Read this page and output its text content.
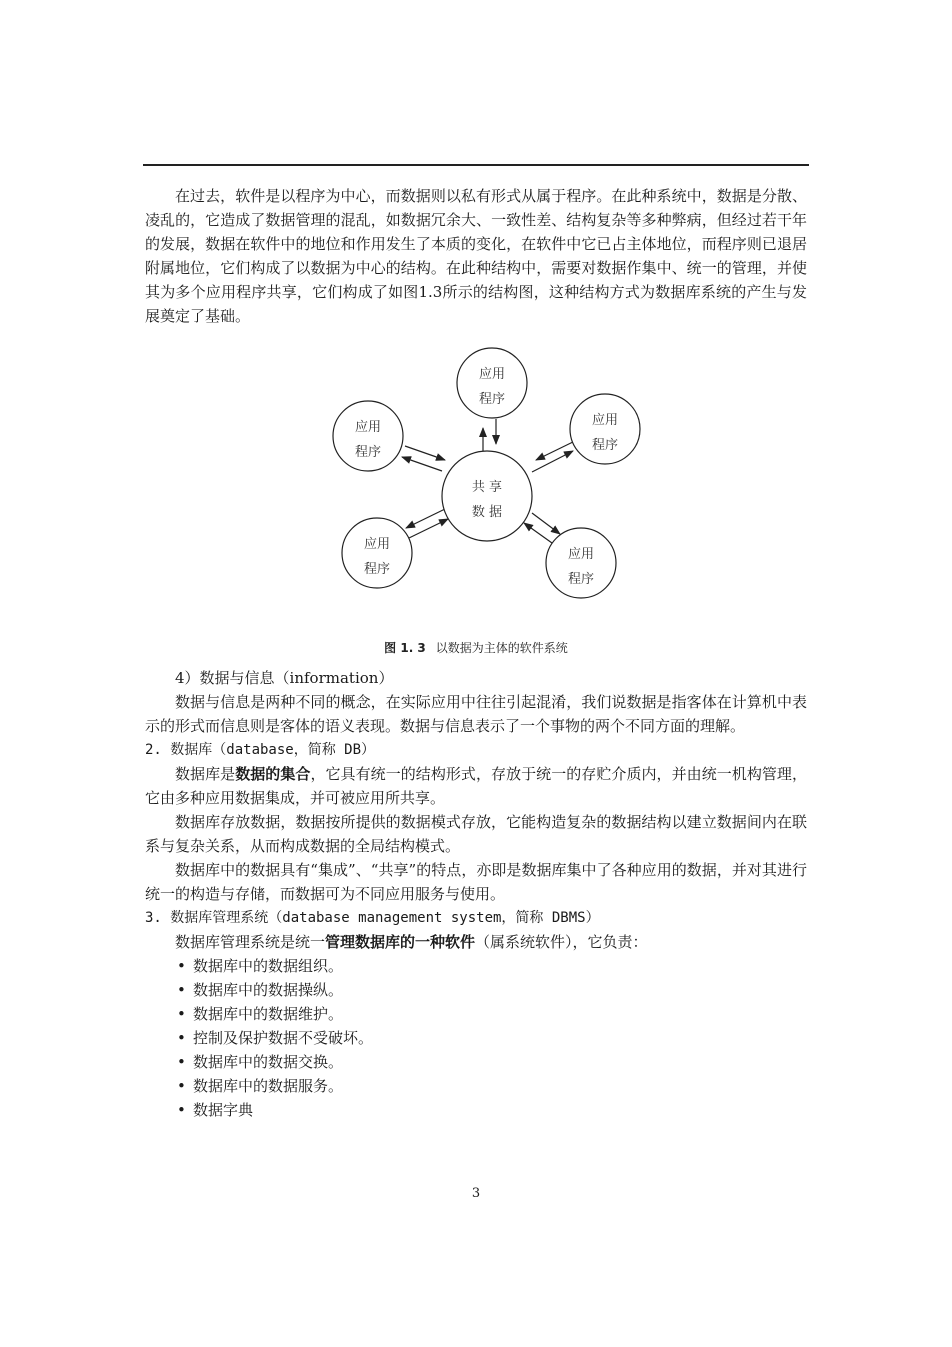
在过去，软件是以程序为中心，而数据则以私有形式从属于程序。在此种系统中，数据是分散、凌乱的，它造成了数据管理的混乱，如数据冗余大、一致性差、结构复杂等多种弊病，但经过若干年的发展，数据在软件中的地位和作用发生了本质的变化，在软件中它已占主体地位，而程序则已退居附属地位，它们构成了以数据为中心的结构。在此种结构中，需要对数据作集中、统一的管理，并使其为多个应用程序共享，它们构成了如图1.3所示的结构图，这种结构方式为数据库系统的产生与发展奠定了基础。

共 享
数 据
应用
程序
应用
程序
应用
程序
应用
程序
应用
程序
图 1. 3 以数据为主体的软件系统

4）数据与信息（information）

数据与信息是两种不同的概念，在实际应用中往往引起混淆，我们说数据是指客体在计算机中表示的形式而信息则是客体的语义表现。数据与信息表示了一个事物的两个不同方面的理解。

2. 数据库（database，简称 DB）

数据库是数据的集合，它具有统一的结构形式，存放于统一的存贮介质内，并由统一机构管理，它由多种应用数据集成，并可被应用所共享。

数据库存放数据，数据按所提供的数据模式存放，它能构造复杂的数据结构以建立数据间内在联系与复杂关系，从而构成数据的全局结构模式。

数据库中的数据具有“集成”、“共享”的特点，亦即是数据库集中了各种应用的数据，并对其进行统一的构造与存储，而数据可为不同应用服务与使用。

3. 数据库管理系统（database management system，简称 DBMS）

数据库管理系统是统一管理数据库的一种软件（属系统软件），它负责：

• 数据库中的数据组织。
• 数据库中的数据操纵。
• 数据库中的数据维护。
• 控制及保护数据不受破坏。
• 数据库中的数据交换。
• 数据库中的数据服务。
• 数据字典
3
